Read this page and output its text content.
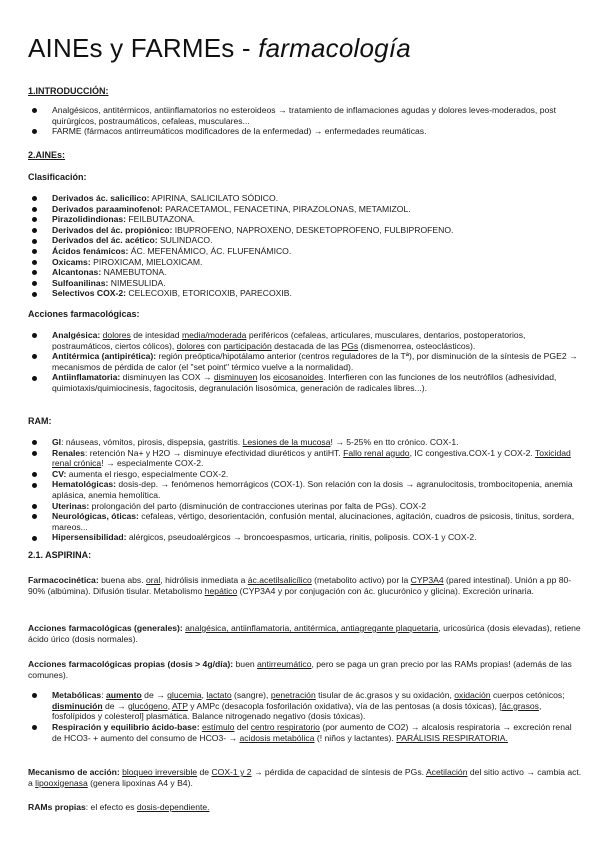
AINEs y FARMEs - farmacología

1.INTRODUCCIÓN:

Analgésicos, antitérmicos, antiinflamatorios no esteroideos → tratamiento de inflamaciones agudas y dolores leves-moderados, post quirúrgicos, postraumáticos, cefaleas, musculares...
FARME (fármacos antirreumáticos modificadores de la enfermedad) → enfermedades reumáticas.

2.AINEs:

Clasificación:

Derivados ác. salicílico: APIRINA, SALICILATO SÓDICO.
Derivados paraaminofenol: PARACETAMOL, FENACETINA, PIRAZOLONAS, METAMIZOL.
Pirazolidindionas: FEILBUTAZONA.
Derivados del ác. propiónico: IBUPROFENO, NAPROXENO, DESKETOPROFENO, FULBIPROFENO.
Derivados del ác. acético: SULINDACO.
Ácidos fenámicos: ÁC. MEFENÁMICO, ÁC. FLUFENÁMICO.
Oxicams: PIROXICAM, MIELOXICAM.
Alcantonas: NAMEBUTONA.
Sulfoanilinas: NIMESULIDA.
Selectivos COX-2: CELECOXIB, ETORICOXIB, PARECOXIB.

Acciones farmacológicas:

Analgésica: dolores de intesidad media/moderada periféricos (cefaleas, articulares, musculares, dentarios, postoperatorios, postraumáticos, ciertos cólicos), dolores con participación destacada de las PGs (dismenorrea, osteoclásticos).
Antitérmica (antipirética): región preóptica/hipotálamo anterior (centros reguladores de la Tª), por disminución de la síntesis de PGE2 → mecanismos de pérdida de calor (el "set point" térmico vuelve a la normalidad).
Antiinflamatoria: disminuyen las COX → disminuyen los eicosanoides. Interfieren con las funciones de los neutrófilos (adhesividad, quimiotaxis/quimiocinesis, fagocitosis, degranulación lisosómica, generación de radicales libres...).

RAM:

GI: náuseas, vómitos, pirosis, dispepsia, gastritis. Lesiones de la mucosa! → 5-25% en tto crónico. COX-1.
Renales: retención Na+ y H2O → disminuye efectividad diuréticos y antiHT. Fallo renal agudo, IC congestiva.COX-1 y COX-2. Toxicidad renal crónica! → especialmente COX-2.
CV: aumenta el riesgo, especialmente COX-2.
Hematológicas: dosis-dep. → fenómenos hemorrágicos (COX-1). Son relación con la dosis → agranulocitosis, trombocitopenia, anemia aplásica, anemia hemolítica.
Uterinas: prolongación del parto (disminución de contracciones uterinas por falta de PGs). COX-2
Neurológicas, óticas: cefaleas, vértigo, desorientación, confusión mental, alucinaciones, agitación, cuadros de psicosis, tinitus, sordera, mareos...
Hipersensibilidad: alérgicos, pseudoalérgicos → broncoespasmos, urticaria, rinitis, poliposis. COX-1 y COX-2.

2.1. ASPIRINA:

Farmacocinética: buena abs. oral, hidrólisis inmediata a ác.acetilsalicílico (metabolito activo) por la CYP3A4 (pared intestinal). Unión a pp 80-90% (albúmina). Difusión tisular. Metabolismo hepático (CYP3A4 y por conjugación con ác. glucurónico y glicina). Excreción urinaria.

Acciones farmacológicas (generales): analgésica, antiinflamatoria, antitérmica, antiagregante plaquetaria, uricosúrica (dosis elevadas), retiene ácido úrico (dosis normales).

Acciones farmacológicas propias (dosis > 4g/día): buen antirreumático, pero se paga un gran precio por las RAMs propias! (además de las comunes).

Metabólicas: aumento de → glucemia, lactato (sangre), penetración tisular de ác.grasos y su oxidación, oxidación cuerpos cetónicos; disminución de → glucógeno, ATP y AMPc (desacopla fosforilación oxidativa), vía de las pentosas (a dosis tóxicas), [ác.grasos, fosfolípidos y colesterol] plasmática. Balance nitrogenado negativo (dosis tóxicas).
Respiración y equilibrio ácido-base: estímulo del centro respiratorio (por aumento de CO2) → alcalosis respiratoria → excreción renal de HCO3- + aumento del consumo de HCO3- → acidosis metabólica (! niños y lactantes). PARÁLISIS RESPIRATORIA.

Mecanismo de acción: bloqueo irreversible de COX-1 y 2 → pérdida de capacidad de síntesis de PGs. Acetilación del sitio activo → cambia act. a lipooxigenasa (genera lipoxinas A4 y B4).

RAMs propias: el efecto es dosis-dependiente.
